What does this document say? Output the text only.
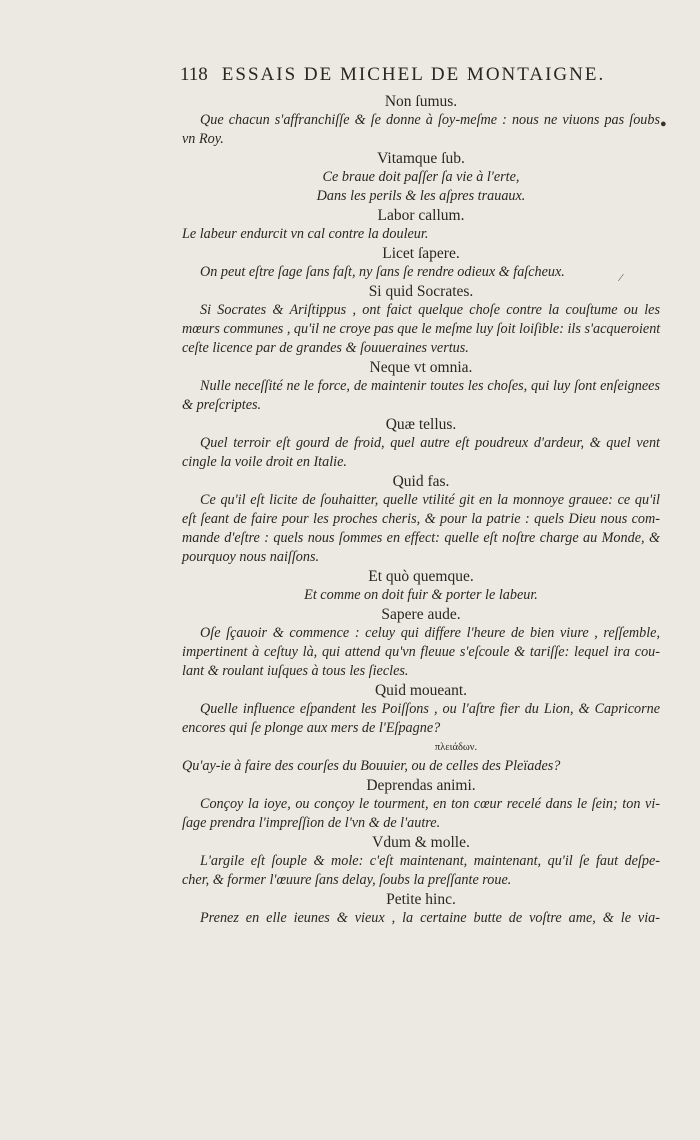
118 ESSAIS DE MICHEL DE MONTAIGNE.
●
⁄
Non ſumus.
Que chacun s'affranchiſſe & ſe donne à ſoy-meſme : nous ne viuons pas ſoubs
vn Roy.
Vitamque ſub.
Ce braue doit paſſer ſa vie à l'erte,
Dans les perils & les aſpres trauaux.
Labor callum.
Le labeur endurcit vn cal contre la douleur.
Licet ſapere.
On peut eſtre ſage ſans faſt, ny ſans ſe rendre odieux & faſcheux.
Si quid Socrates.
Si Socrates & Ariſtippus , ont faict quelque choſe contre la couſtume ou les
mœurs communes , qu'il ne croye pas que le meſme luy ſoit loiſible: ils s'acqueroient
ceſte licence par de grandes & ſouueraines vertus.
Neque vt omnia.
Nulle neceſſité ne le force, de maintenir toutes les choſes, qui luy ſont enſeignees
& preſcriptes.
Quæ tellus.
Quel terroir eſt gourd de froid, quel autre eſt poudreux d'ardeur, & quel vent
cingle la voile droit en Italie.
Quid fas.
Ce qu'il eſt licite de ſouhaitter, quelle vtilité git en la monnoye grauee: ce qu'il
eſt ſeant de faire pour les proches cheris, & pour la patrie : quels Dieu nous com-
mande d'eſtre : quels nous ſommes en effect: quelle eſt noſtre charge au Monde, &
pourquoy nous naiſſons.
Et quò quemque.
Et comme on doit fuir & porter le labeur.
Sapere aude.
Oſe ſçauoir & commence : celuy qui differe l'heure de bien viure , reſſemble,
impertinent à ceſtuy là, qui attend qu'vn fleuue s'eſcoule & tariſſe: lequel ira cou-
lant & roulant iuſques à tous les ſiecles.
Quid moueant.
Quelle influence eſpandent les Poiſſons , ou l'aſtre fier du Lion, & Capricorne
encores qui ſe plonge aux mers de l'Eſpagne?
πλειάδων.
Qu'ay-ie à faire des courſes du Bouuier, ou de celles des Pleïades?
Deprendas animi.
Conçoy la ioye, ou conçoy le tourment, en ton cœur recelé dans le ſein; ton vi-
ſage prendra l'impreſſion de l'vn & de l'autre.
Vdum & molle.
L'argile eſt ſouple & mole: c'eſt maintenant, maintenant, qu'il ſe faut deſpe-
cher, & former l'œuure ſans delay, ſoubs la preſſante roue.
Petite hinc.
Prenez en elle ieunes & vieux , la certaine butte de voſtre ame, & le via-
